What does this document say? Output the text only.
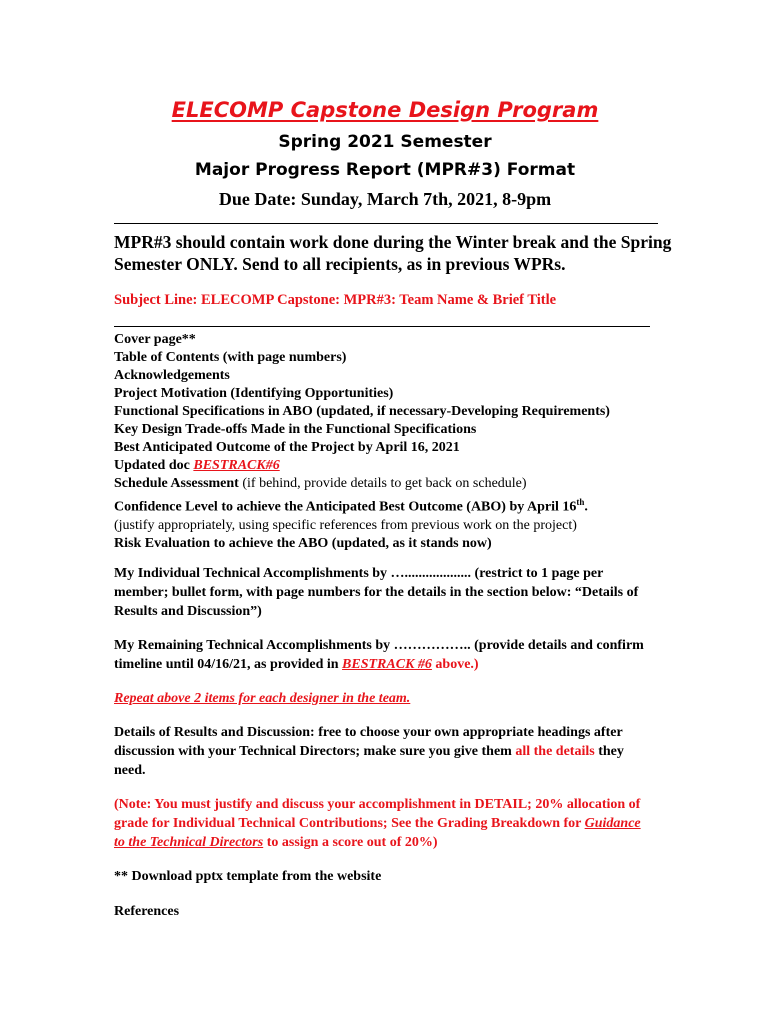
ELECOMP Capstone Design Program
Spring 2021 Semester
Major Progress Report (MPR#3) Format
Due Date: Sunday, March 7th, 2021, 8-9pm

MPR#3 should contain work done during the Winter break and the Spring Semester ONLY. Send to all recipients, as in previous WPRs.

Subject Line: ELECOMP Capstone: MPR#3: Team Name & Brief Title

Cover page**
Table of Contents (with page numbers)
Acknowledgements
Project Motivation (Identifying Opportunities)
Functional Specifications in ABO (updated, if necessary-Developing Requirements)
Key Design Trade-offs Made in the Functional Specifications
Best Anticipated Outcome of the Project by April 16, 2021
Updated doc BESTRACK#6
Schedule Assessment (if behind, provide details to get back on schedule)
Confidence Level to achieve the Anticipated Best Outcome (ABO) by April 16th.
(justify appropriately, using specific references from previous work on the project)
Risk Evaluation to achieve the ABO (updated, as it stands now)

My Individual Technical Accomplishments by …................... (restrict to 1 page per member; bullet form, with page numbers for the details in the section below: “Details of Results and Discussion”)

My Remaining Technical Accomplishments by …………….. (provide details and confirm timeline until 04/16/21, as provided in BESTRACK #6 above.)

Repeat above 2 items for each designer in the team.

Details of Results and Discussion: free to choose your own appropriate headings after discussion with your Technical Directors; make sure you give them all the details they need.

(Note: You must justify and discuss your accomplishment in DETAIL; 20% allocation of grade for Individual Technical Contributions; See the Grading Breakdown for Guidance to the Technical Directors to assign a score out of 20%)

** Download pptx template from the website

References
